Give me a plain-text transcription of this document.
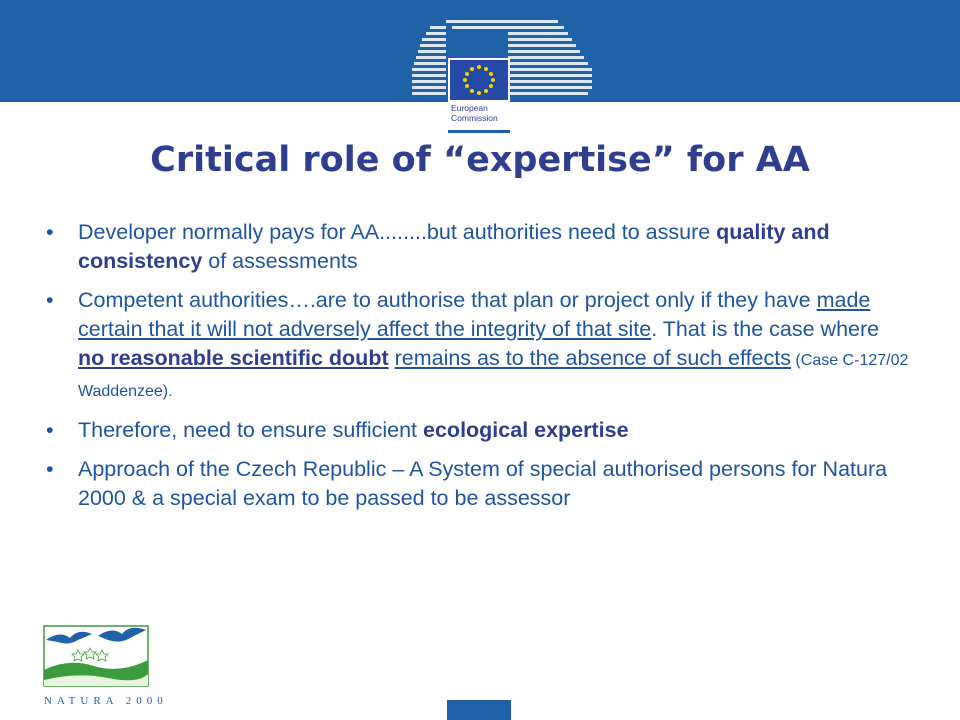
European
Commission
Critical role of “expertise” for AA
• Developer normally pays for AA........but authorities need to assure quality and consistency of assessments
• Competent authorities….are to authorise that plan or project only if they have made certain that it will not adversely affect the integrity of that site. That is the case where no reasonable scientific doubt remains as to the absence of such effects (Case C-127/02 Waddenzee).
• Therefore, need to ensure sufficient ecological expertise
• Approach of the Czech Republic – A System of special authorised persons for Natura 2000 & a special exam to be passed to be assessor
NATURA 2000
